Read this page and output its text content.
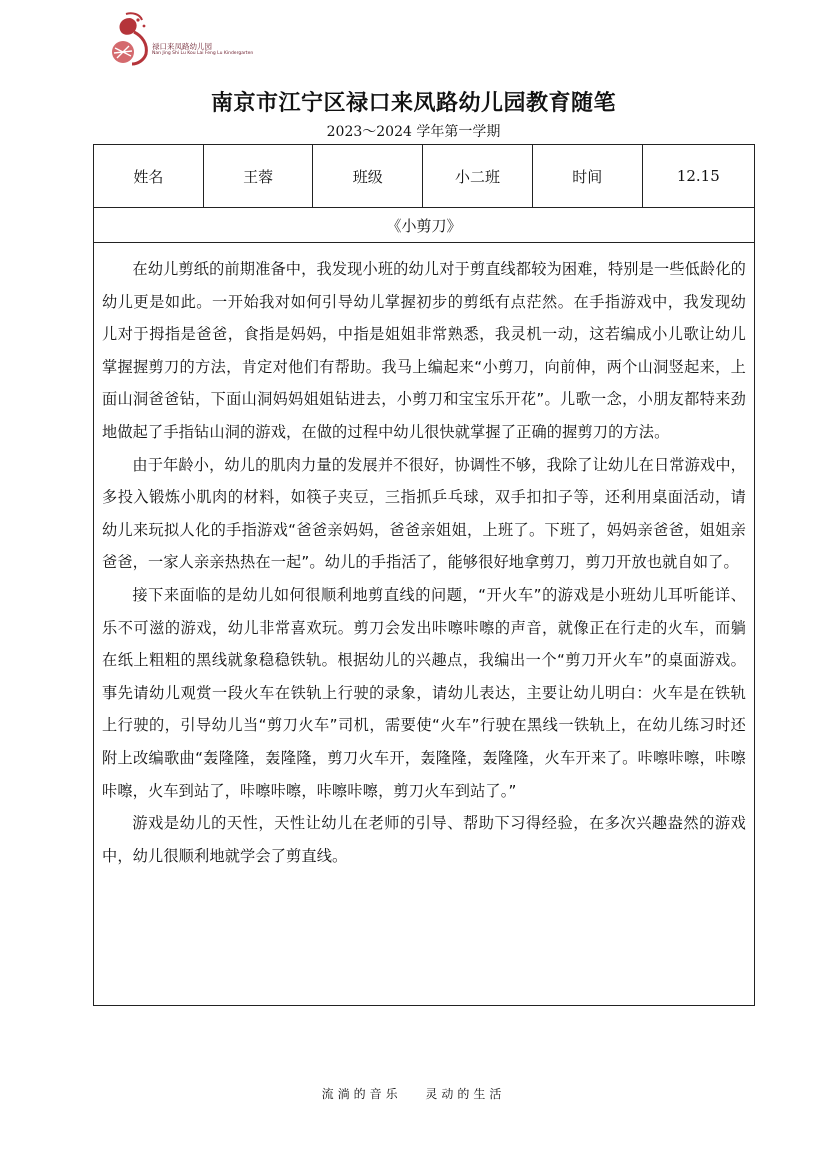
禄口来凤路幼儿园
Nan Jing Shi Lu Kou Lai Feng Lu Kindergarten
南京市江宁区禄口来凤路幼儿园教育随笔
2023～2024 学年第一学期
姓名	王蓉	班级	小二班	时间	12.15
《小剪刀》

在幼儿剪纸的前期准备中，我发现小班的幼儿对于剪直线都较为困难，特别是一些低龄化的幼儿更是如此。一开始我对如何引导幼儿掌握初步的剪纸有点茫然。在手指游戏中，我发现幼儿对于拇指是爸爸，食指是妈妈，中指是姐姐非常熟悉，我灵机一动，这若编成小儿歌让幼儿掌握握剪刀的方法，肯定对他们有帮助。我马上编起来“小剪刀，向前伸，两个山洞竖起来，上面山洞爸爸钻，下面山洞妈妈姐姐钻进去，小剪刀和宝宝乐开花”。儿歌一念，小朋友都特来劲地做起了手指钻山洞的游戏，在做的过程中幼儿很快就掌握了正确的握剪刀的方法。

由于年龄小，幼儿的肌肉力量的发展并不很好，协调性不够，我除了让幼儿在日常游戏中，多投入锻炼小肌肉的材料，如筷子夹豆，三指抓乒乓球，双手扣扣子等，还利用桌面活动，请幼儿来玩拟人化的手指游戏“爸爸亲妈妈，爸爸亲姐姐，上班了。下班了，妈妈亲爸爸，姐姐亲爸爸，一家人亲亲热热在一起”。幼儿的手指活了，能够很好地拿剪刀，剪刀开放也就自如了。

接下来面临的是幼儿如何很顺利地剪直线的问题，“开火车”的游戏是小班幼儿耳听能详、乐不可滋的游戏，幼儿非常喜欢玩。剪刀会发出咔嚓咔嚓的声音，就像正在行走的火车，而躺在纸上粗粗的黑线就象稳稳铁轨。根据幼儿的兴趣点，我编出一个“剪刀开火车”的桌面游戏。事先请幼儿观赏一段火车在铁轨上行驶的录象，请幼儿表达，主要让幼儿明白：火车是在铁轨上行驶的，引导幼儿当“剪刀火车”司机，需要使“火车”行驶在黑线一铁轨上，在幼儿练习时还附上改编歌曲“轰隆隆，轰隆隆，剪刀火车开，轰隆隆，轰隆隆，火车开来了。咔嚓咔嚓，咔嚓咔嚓，火车到站了，咔嚓咔嚓，咔嚓咔嚓，剪刀火车到站了。”

游戏是幼儿的天性，天性让幼儿在老师的引导、帮助下习得经验，在多次兴趣盎然的游戏中，幼儿很顺利地就学会了剪直线。

流淌的音乐 灵动的生活
